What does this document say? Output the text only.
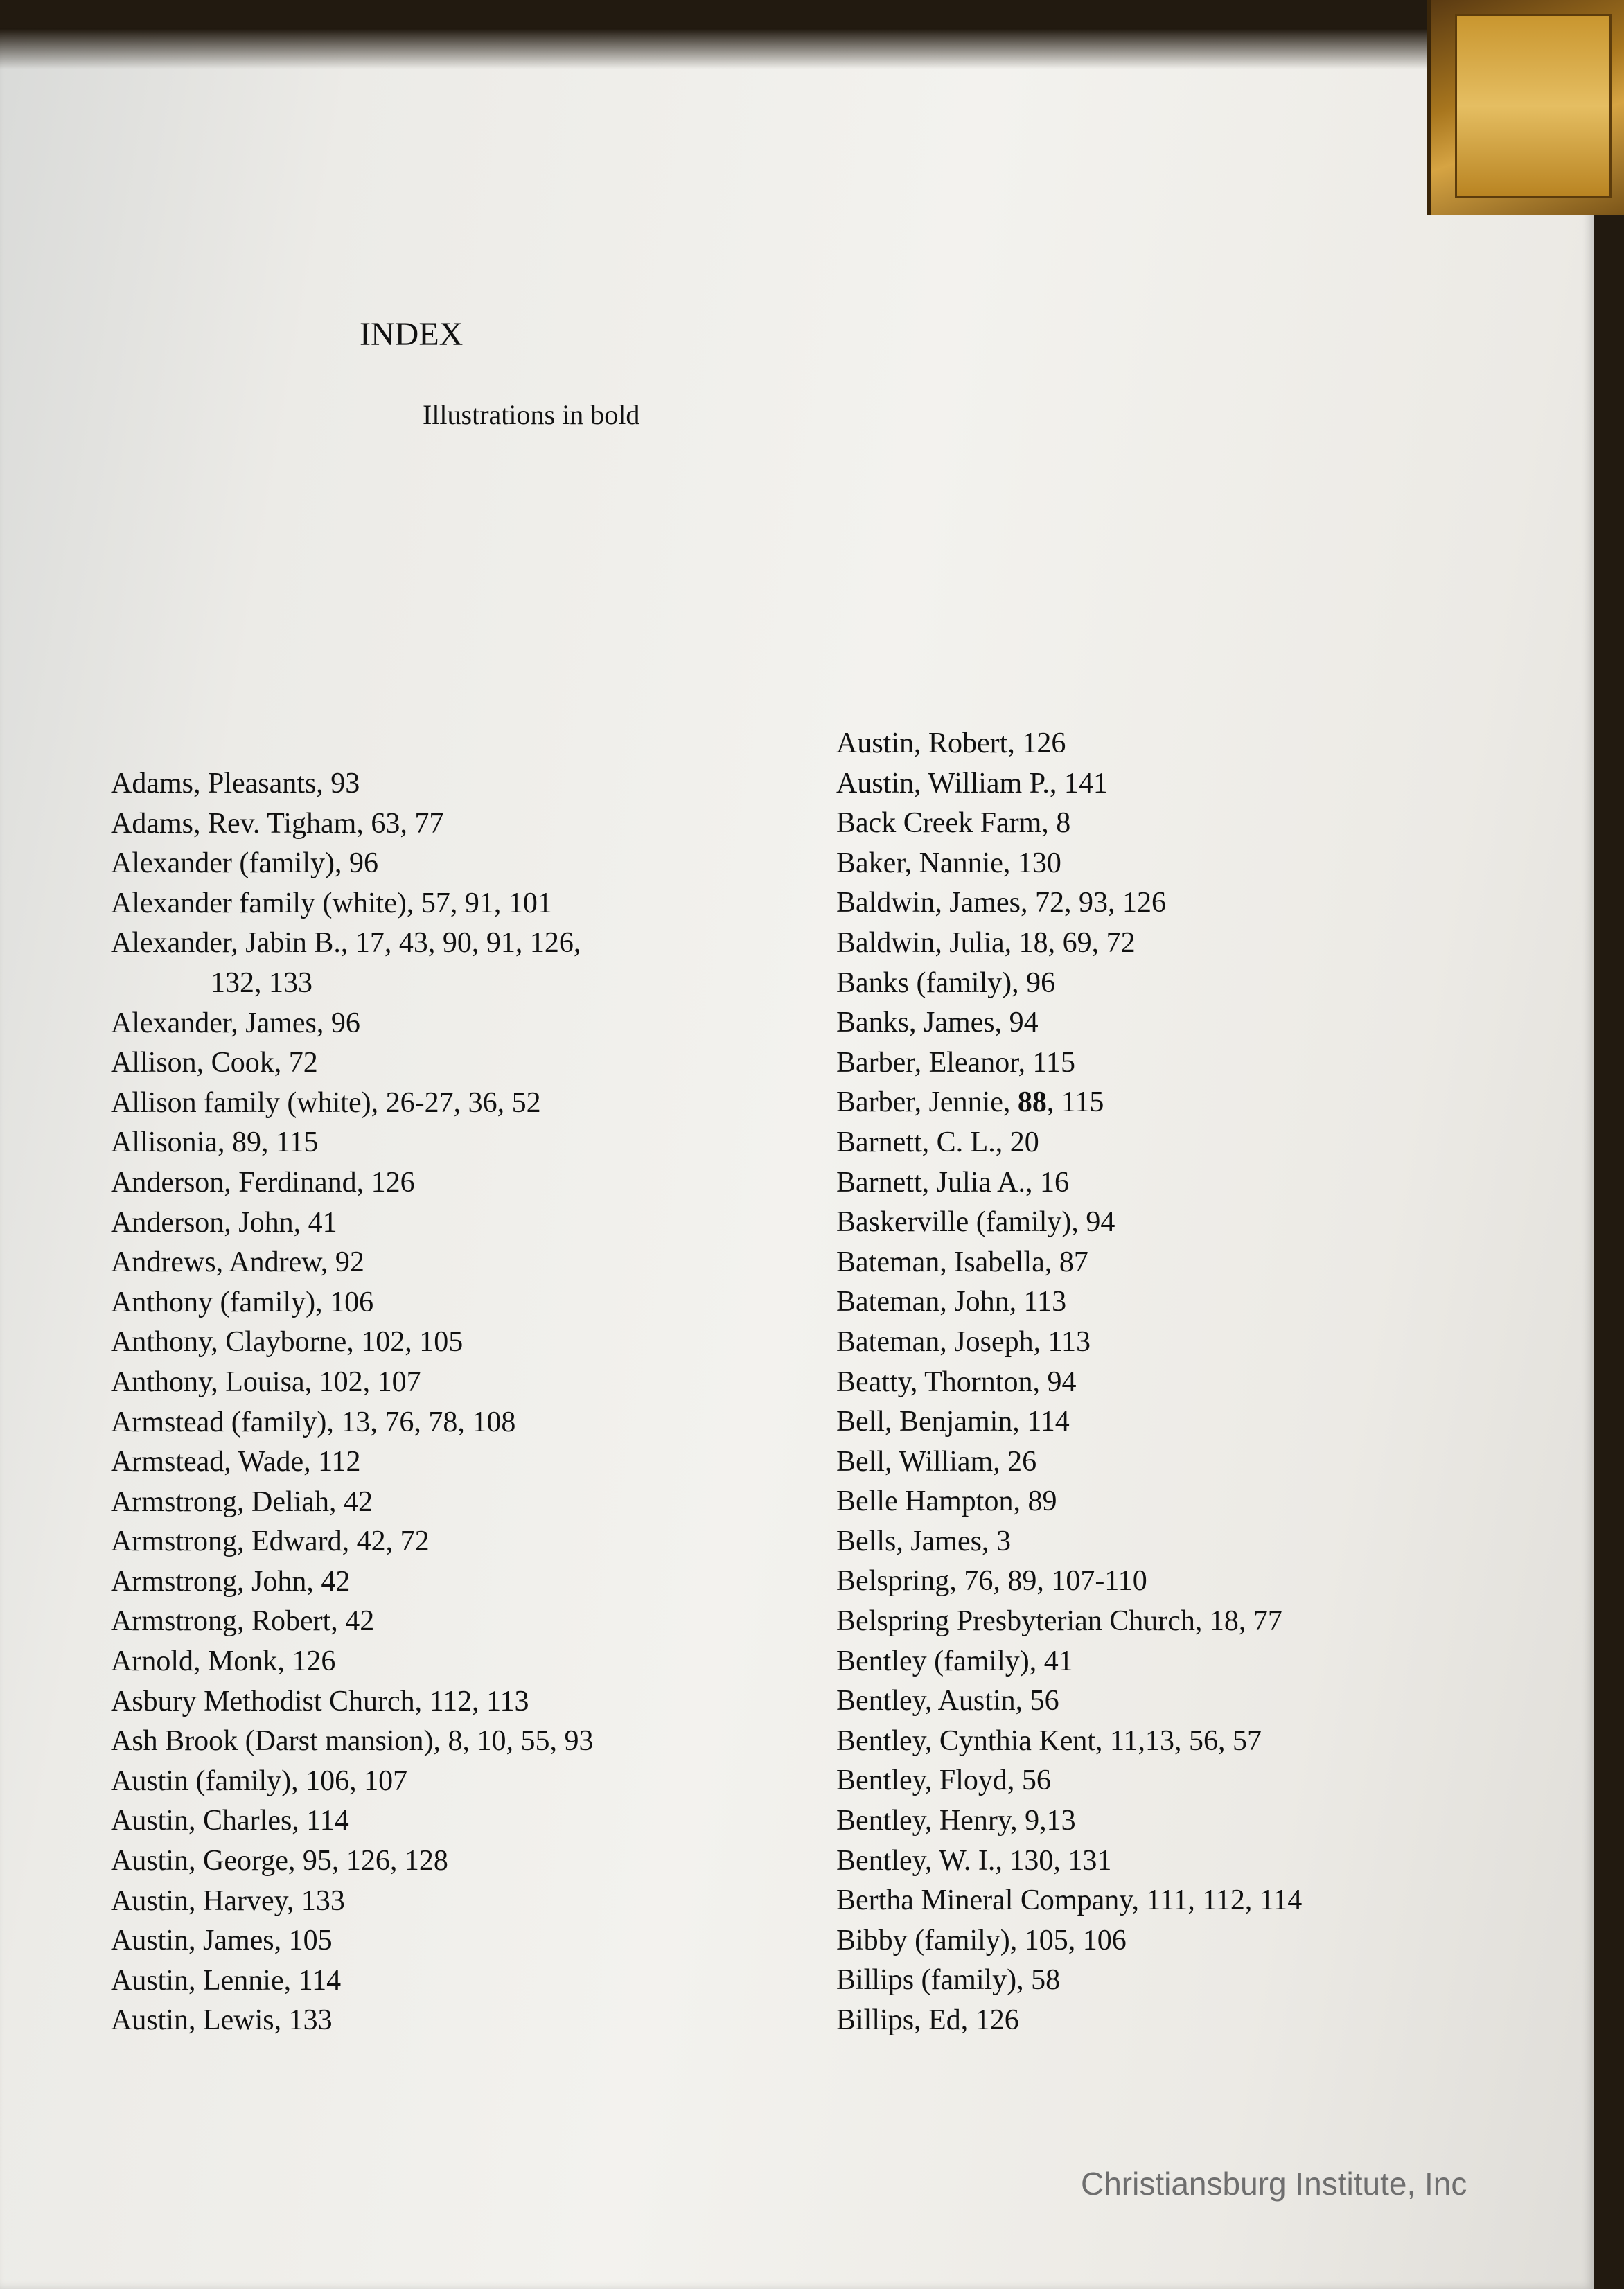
INDEX
Illustrations in bold
Adams, Pleasants, 93
Adams, Rev. Tigham, 63, 77
Alexander (family), 96
Alexander family (white), 57, 91, 101
Alexander, Jabin B., 17, 43, 90, 91, 126,
132, 133
Alexander, James, 96
Allison, Cook, 72
Allison family (white), 26-27, 36, 52
Allisonia, 89, 115
Anderson, Ferdinand, 126
Anderson, John, 41
Andrews, Andrew, 92
Anthony (family), 106
Anthony, Clayborne, 102, 105
Anthony, Louisa, 102, 107
Armstead (family), 13, 76, 78, 108
Armstead, Wade, 112
Armstrong, Deliah, 42
Armstrong, Edward, 42, 72
Armstrong, John, 42
Armstrong, Robert, 42
Arnold, Monk, 126
Asbury Methodist Church, 112, 113
Ash Brook (Darst mansion), 8, 10, 55, 93
Austin (family), 106, 107
Austin, Charles, 114
Austin, George, 95, 126, 128
Austin, Harvey, 133
Austin, James, 105
Austin, Lennie, 114
Austin, Lewis, 133
Austin, Robert, 126
Austin, William P., 141
Back Creek Farm, 8
Baker, Nannie, 130
Baldwin, James, 72, 93, 126
Baldwin, Julia, 18, 69, 72
Banks (family), 96
Banks, James, 94
Barber, Eleanor, 115
Barber, Jennie, 88, 115
Barnett, C. L., 20
Barnett, Julia A., 16
Baskerville (family), 94
Bateman, Isabella, 87
Bateman, John, 113
Bateman, Joseph, 113
Beatty, Thornton, 94
Bell, Benjamin, 114
Bell, William, 26
Belle Hampton, 89
Bells, James, 3
Belspring, 76, 89, 107-110
Belspring Presbyterian Church, 18, 77
Bentley (family), 41
Bentley, Austin, 56
Bentley, Cynthia Kent, 11,13, 56, 57
Bentley, Floyd, 56
Bentley, Henry, 9,13
Bentley, W. I., 130, 131
Bertha Mineral Company, 111, 112, 114
Bibby (family), 105, 106
Billips (family), 58
Billips, Ed, 126
Christiansburg Institute, Inc
